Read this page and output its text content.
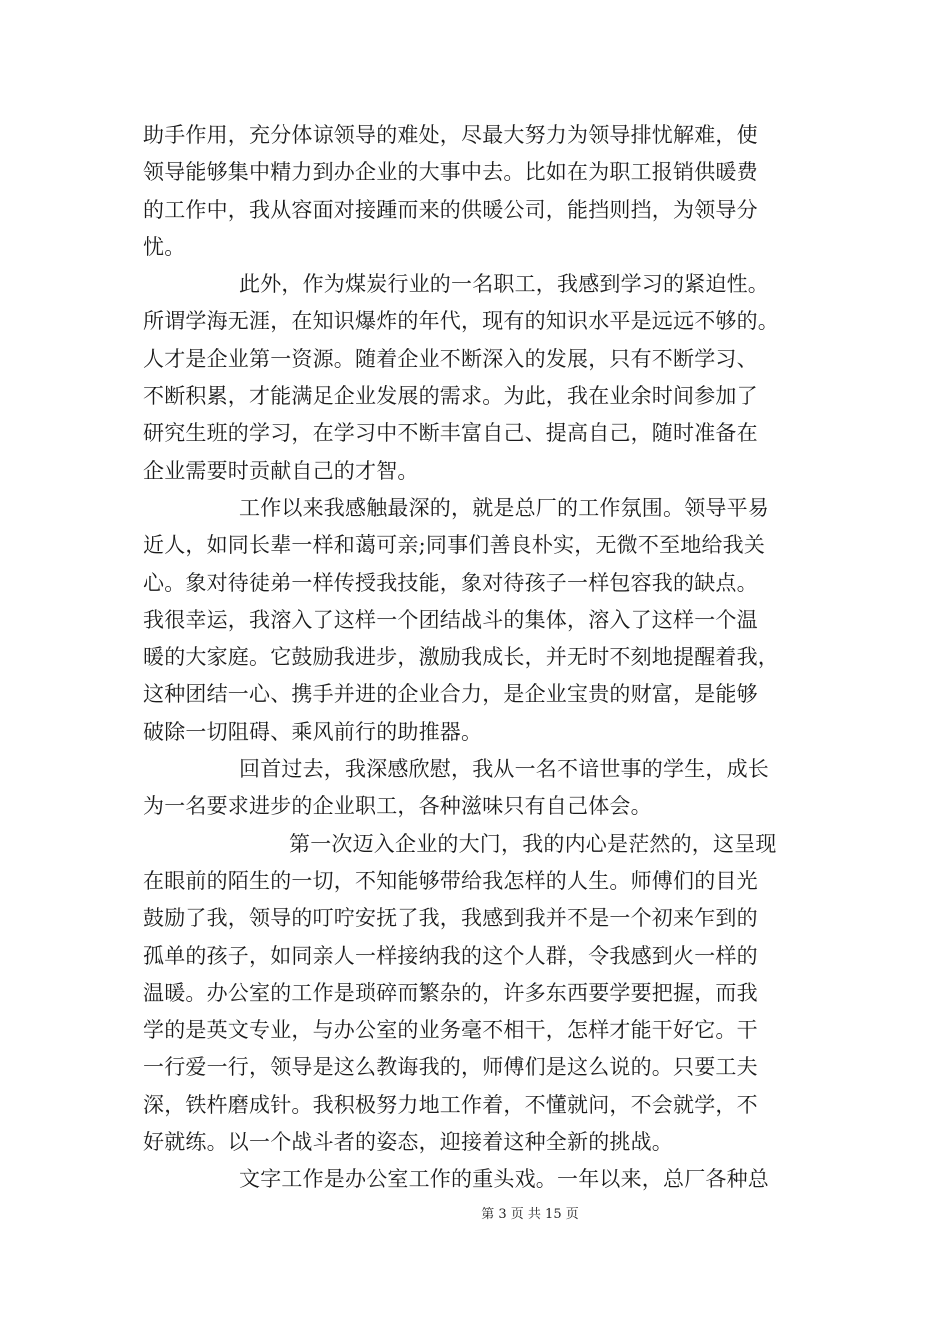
助手作用，充分体谅领导的难处，尽最大努力为领导排忧解难，使
领导能够集中精力到办企业的大事中去。比如在为职工报销供暖费
的工作中，我从容面对接踵而来的供暖公司，能挡则挡，为领导分
忧。
此外，作为煤炭行业的一名职工，我感到学习的紧迫性。
所谓学海无涯，在知识爆炸的年代，现有的知识水平是远远不够的。
人才是企业第一资源。随着企业不断深入的发展，只有不断学习、
不断积累，才能满足企业发展的需求。为此，我在业余时间参加了
研究生班的学习，在学习中不断丰富自己、提高自己，随时准备在
企业需要时贡献自己的才智。
工作以来我感触最深的，就是总厂的工作氛围。领导平易
近人，如同长辈一样和蔼可亲;同事们善良朴实，无微不至地给我关
心。象对待徒弟一样传授我技能，象对待孩子一样包容我的缺点。
我很幸运，我溶入了这样一个团结战斗的集体，溶入了这样一个温
暖的大家庭。它鼓励我进步，激励我成长，并无时不刻地提醒着我，
这种团结一心、携手并进的企业合力，是企业宝贵的财富，是能够
破除一切阻碍、乘风前行的助推器。
回首过去，我深感欣慰，我从一名不谙世事的学生，成长
为一名要求进步的企业职工，各种滋味只有自己体会。
第一次迈入企业的大门，我的内心是茫然的，这呈现
在眼前的陌生的一切，不知能够带给我怎样的人生。师傅们的目光
鼓励了我，领导的叮咛安抚了我，我感到我并不是一个初来乍到的
孤单的孩子，如同亲人一样接纳我的这个人群，令我感到火一样的
温暖。办公室的工作是琐碎而繁杂的，许多东西要学要把握，而我
学的是英文专业，与办公室的业务毫不相干，怎样才能干好它。干
一行爱一行，领导是这么教诲我的，师傅们是这么说的。只要工夫
深，铁杵磨成针。我积极努力地工作着，不懂就问，不会就学，不
好就练。以一个战斗者的姿态，迎接着这种全新的挑战。
文字工作是办公室工作的重头戏。一年以来，总厂各种总
第 3 页 共 15 页
